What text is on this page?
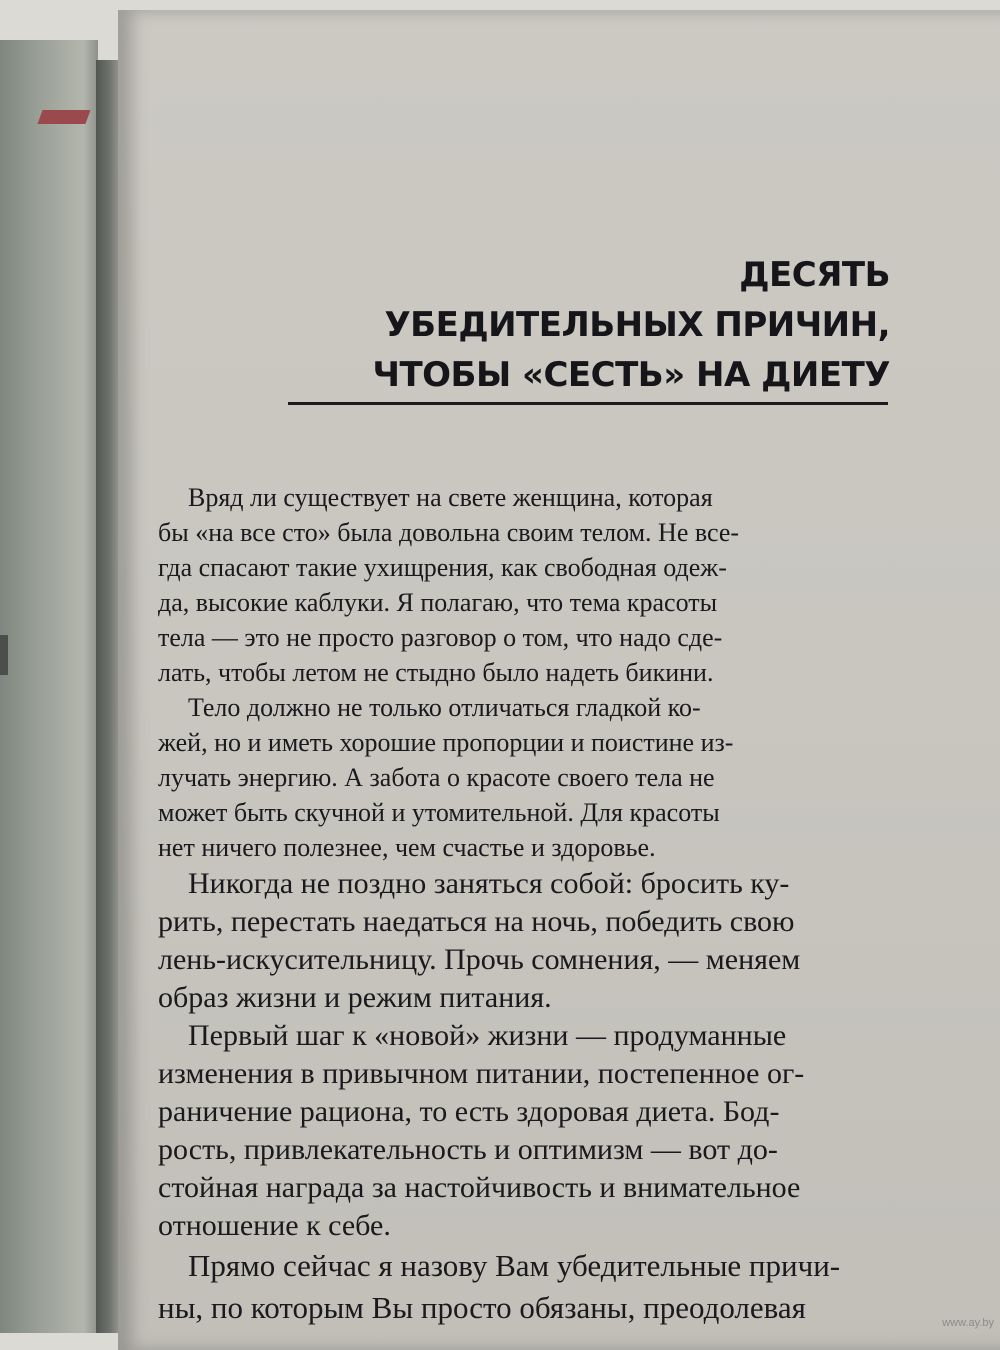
ДЕСЯТЬ
УБЕДИТЕЛЬНЫХ ПРИЧИН,
ЧТОБЫ «СЕСТЬ» НА ДИЕТУ
Вряд ли существует на свете женщина, которая
бы «на все сто» была довольна своим телом. Не все-
гда спасают такие ухищрения, как свободная одеж-
да, высокие каблуки. Я полагаю, что тема красоты
тела — это не просто разговор о том, что надо сде-
лать, чтобы летом не стыдно было надеть бикини.
Тело должно не только отличаться гладкой ко-
жей, но и иметь хорошие пропорции и поистине из-
лучать энергию. А забота о красоте своего тела не
может быть скучной и утомительной. Для красоты
нет ничего полезнее, чем счастье и здоровье.
Никогда не поздно заняться собой: бросить ку-
рить, перестать наедаться на ночь, победить свою
лень-искусительницу. Прочь сомнения, — меняем
образ жизни и режим питания.
Первый шаг к «новой» жизни — продуманные
изменения в привычном питании, постепенное ог-
раничение рациона, то есть здоровая диета. Бод-
рость, привлекательность и оптимизм — вот до-
стойная награда за настойчивость и внимательное
отношение к себе.
Прямо сейчас я назову Вам убедительные причи-
ны, по которым Вы просто обязаны, преодолевая	www.ay.by
